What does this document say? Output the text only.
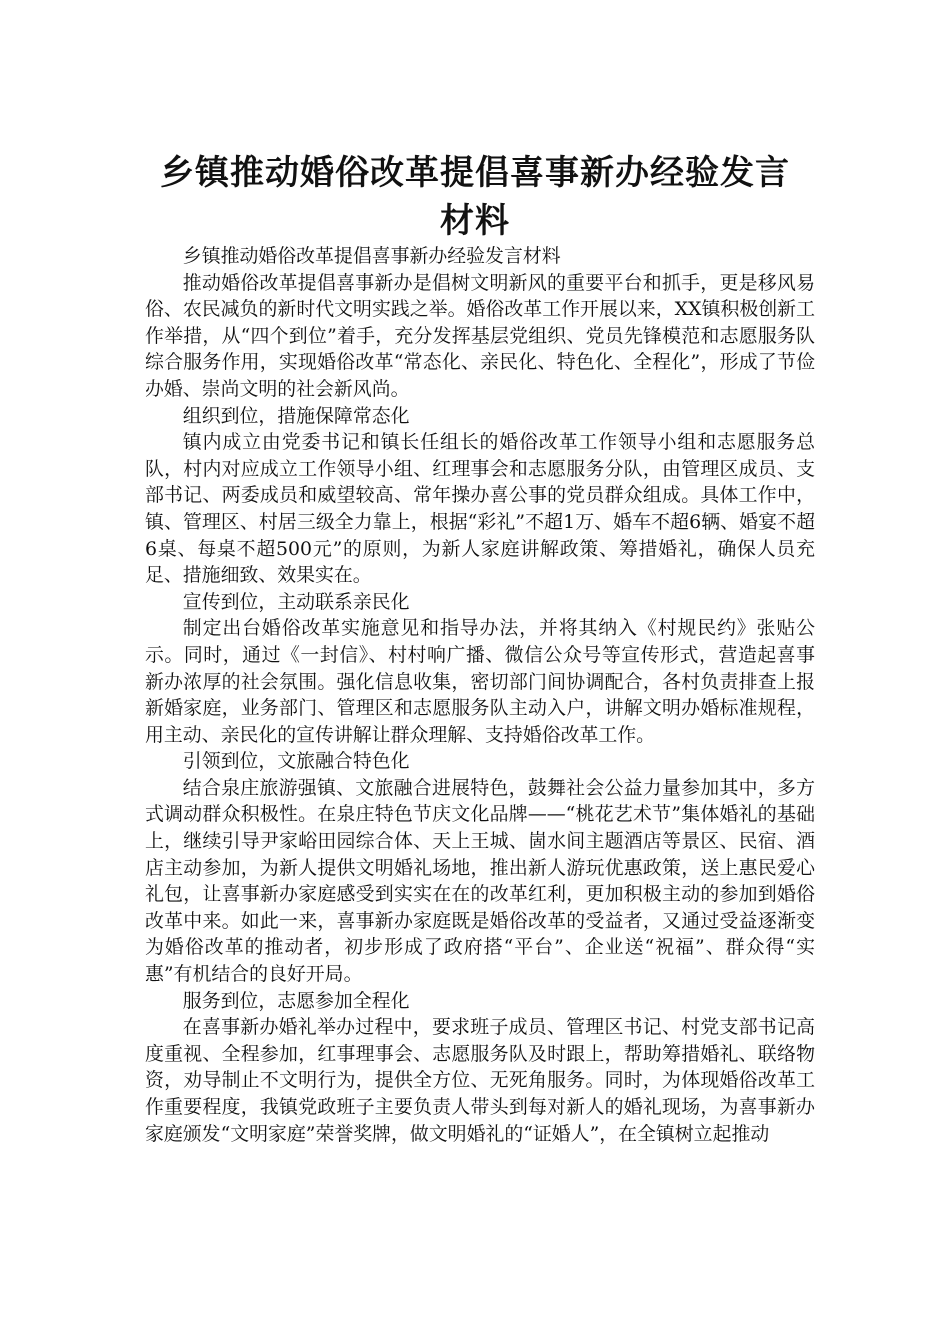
乡镇推动婚俗改革提倡喜事新办经验发言
材料

乡镇推动婚俗改革提倡喜事新办经验发言材料

推动婚俗改革提倡喜事新办是倡树文明新风的重要平台和抓手，更是移风易俗、农民减负的新时代文明实践之举。婚俗改革工作开展以来，XX镇积极创新工作举措，从“四个到位”着手，充分发挥基层党组织、党员先锋模范和志愿服务队综合服务作用，实现婚俗改革“常态化、亲民化、特色化、全程化”，形成了节俭办婚、崇尚文明的社会新风尚。

组织到位，措施保障常态化

镇内成立由党委书记和镇长任组长的婚俗改革工作领导小组和志愿服务总队，村内对应成立工作领导小组、红理事会和志愿服务分队，由管理区成员、支部书记、两委成员和威望较高、常年操办喜公事的党员群众组成。具体工作中，镇、管理区、村居三级全力靠上，根据“彩礼”不超1万、婚车不超6辆、婚宴不超6桌、每桌不超500元”的原则，为新人家庭讲解政策、筹措婚礼，确保人员充足、措施细致、效果实在。

宣传到位，主动联系亲民化

制定出台婚俗改革实施意见和指导办法，并将其纳入《村规民约》张贴公示。同时，通过《一封信》、村村响广播、微信公众号等宣传形式，营造起喜事新办浓厚的社会氛围。强化信息收集，密切部门间协调配合，各村负责排查上报新婚家庭，业务部门、管理区和志愿服务队主动入户，讲解文明办婚标准规程，用主动、亲民化的宣传讲解让群众理解、支持婚俗改革工作。

引领到位，文旅融合特色化

结合泉庄旅游强镇、文旅融合进展特色，鼓舞社会公益力量参加其中，多方式调动群众积极性。在泉庄特色节庆文化品牌——“桃花艺术节”集体婚礼的基础上，继续引导尹家峪田园综合体、天上王城、崮水间主题酒店等景区、民宿、酒店主动参加，为新人提供文明婚礼场地，推出新人游玩优惠政策，送上惠民爱心礼包，让喜事新办家庭感受到实实在在的改革红利，更加积极主动的参加到婚俗改革中来。如此一来，喜事新办家庭既是婚俗改革的受益者，又通过受益逐渐变为婚俗改革的推动者，初步形成了政府搭“平台”、企业送“祝福”、群众得“实惠”有机结合的良好开局。

服务到位，志愿参加全程化

在喜事新办婚礼举办过程中，要求班子成员、管理区书记、村党支部书记高度重视、全程参加，红事理事会、志愿服务队及时跟上，帮助筹措婚礼、联络物资，劝导制止不文明行为，提供全方位、无死角服务。同时，为体现婚俗改革工作重要程度，我镇党政班子主要负责人带头到每对新人的婚礼现场，为喜事新办家庭颁发“文明家庭”荣誉奖牌，做文明婚礼的“证婚人”，在全镇树立起推动
